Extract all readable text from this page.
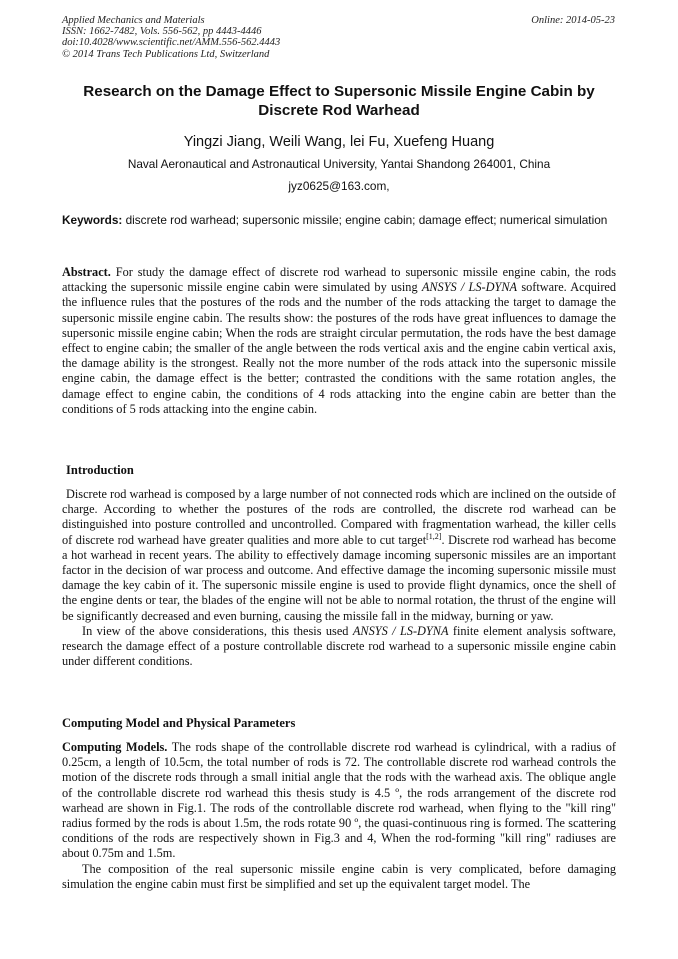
Applied Mechanics and Materials
ISSN: 1662-7482, Vols. 556-562, pp 4443-4446
doi:10.4028/www.scientific.net/AMM.556-562.4443
© 2014 Trans Tech Publications Ltd, Switzerland
Online: 2014-05-23
Research on the Damage Effect to Supersonic Missile Engine Cabin by Discrete Rod Warhead
Yingzi Jiang, Weili Wang, lei Fu, Xuefeng Huang
Naval Aeronautical and Astronautical University, Yantai Shandong 264001, China
jyz0625@163.com,
Keywords: discrete rod warhead; supersonic missile; engine cabin; damage effect; numerical simulation
Abstract. For study the damage effect of discrete rod warhead to supersonic missile engine cabin, the rods attacking the supersonic missile engine cabin were simulated by using ANSYS / LS-DYNA software. Acquired the influence rules that the postures of the rods and the number of the rods attacking the target to damage the supersonic missile engine cabin. The results show: the postures of the rods have great influences to damage the supersonic missile engine cabin; When the rods are straight circular permutation, the rods have the best damage effect to engine cabin; the smaller of the angle between the rods vertical axis and the engine cabin vertical axis, the damage ability is the strongest. Really not the more number of the rods attack into the supersonic missile engine cabin, the damage effect is the better; contrasted the conditions with the same rotation angles, the damage effect to engine cabin, the conditions of 4 rods attacking into the engine cabin are better than the conditions of 5 rods attacking into the engine cabin.
Introduction

Discrete rod warhead is composed by a large number of not connected rods which are inclined on the outside of charge. According to whether the postures of the rods are controlled, the discrete rod warhead can be distinguished into posture controlled and uncontrolled. Compared with fragmentation warhead, the killer cells of discrete rod warhead have greater qualities and more able to cut target[1,2]. Discrete rod warhead has become a hot warhead in recent years. The ability to effectively damage incoming supersonic missiles are an important factor in the decision of war process and outcome. And effective damage the incoming supersonic missile must damage the key cabin of it. The supersonic missile engine is used to provide flight dynamics, once the shell of the engine dents or tear, the blades of the engine will not be able to normal rotation, the thrust of the engine will be significantly decreased and even burning, causing the missile fall in the midway, burning or yaw.

In view of the above considerations, this thesis used ANSYS / LS-DYNA finite element analysis software, research the damage effect of a posture controllable discrete rod warhead to a supersonic missile engine cabin under different conditions.

Computing Model and Physical Parameters

Computing Models. The rods shape of the controllable discrete rod warhead is cylindrical, with a radius of 0.25cm, a length of 10.5cm, the total number of rods is 72. The controllable discrete rod warhead controls the motion of the discrete rods through a small initial angle that the rods with the warhead axis. The oblique angle of the controllable discrete rod warhead this thesis study is 4.5 º, the rods arrangement of the discrete rod warhead are shown in Fig.1. The rods of the controllable discrete rod warhead, when flying to the "kill ring" radius formed by the rods is about 1.5m, the rods rotate 90 º, the quasi-continuous ring is formed. The scattering conditions of the rods are respectively shown in Fig.3 and 4, When the rod-forming "kill ring" radiuses are about 0.75m and 1.5m.

The composition of the real supersonic missile engine cabin is very complicated, before damaging simulation the engine cabin must first be simplified and set up the equivalent target model. The
